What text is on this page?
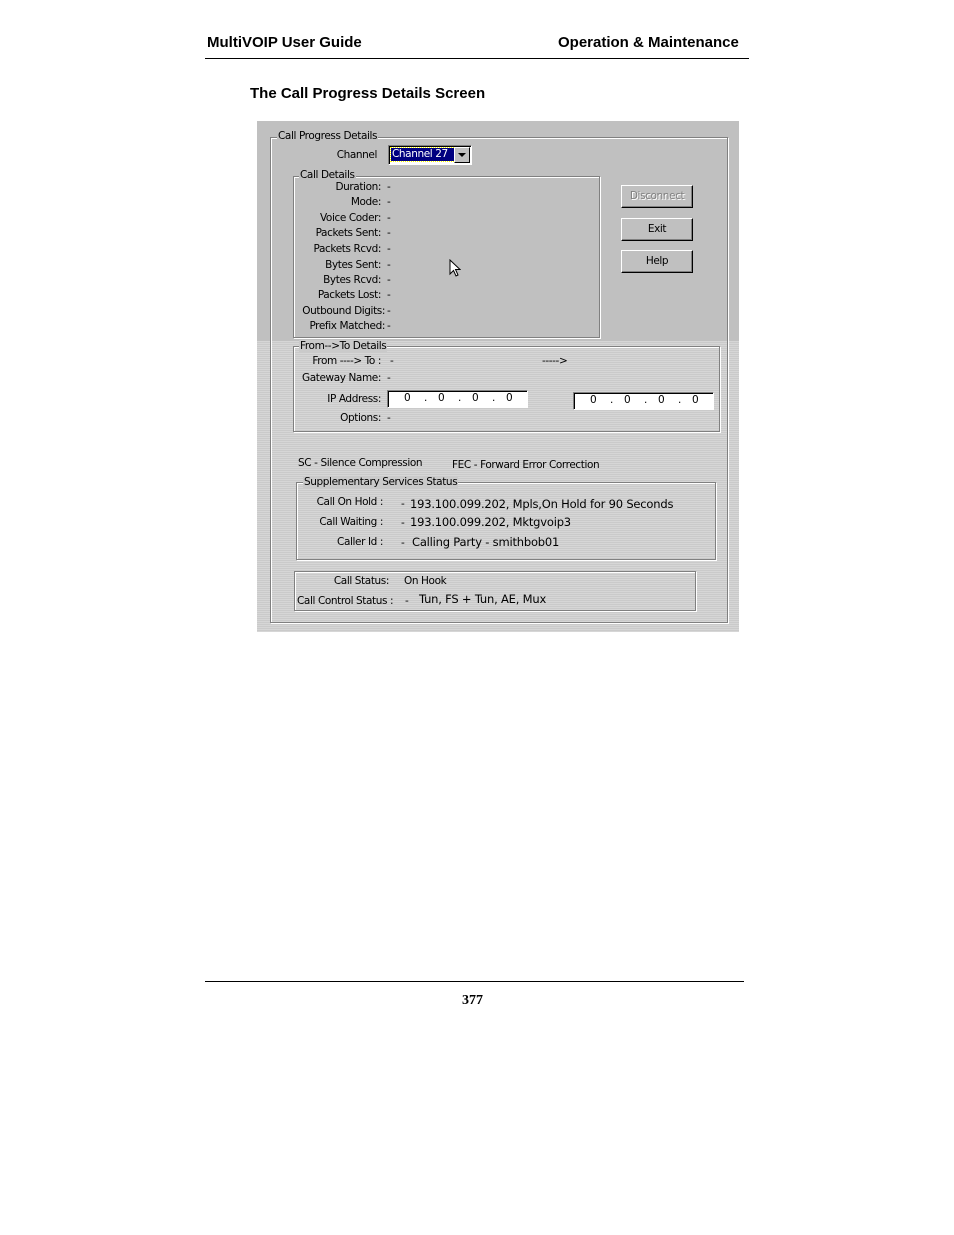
MultiVOIP User Guide	Operation & Maintenance
The Call Progress Details Screen
Call Progress Details
Channel Channel 27
Call Details
Duration: -
Mode: -
Voice Coder: -
Packets Sent: -
Packets Rcvd: -
Bytes Sent: -
Bytes Rcvd: -
Packets Lost: -
Outbound Digits: -
Prefix Matched: -
Disconnect
Exit
Help
From-->To Details
From ----> To : -	----->
Gateway Name: -
IP Address: 0 . 0 . 0 . 0	0 . 0 . 0 . 0
Options: -
SC - Silence Compression	FEC - Forward Error Correction
Supplementary Services Status
Call On Hold : - 193.100.099.202, Mpls,On Hold for 90 Seconds
Call Waiting : - 193.100.099.202, Mktgvoip3
Caller Id : - Calling Party - smithbob01
Call Status: On Hook
Call Control Status : - Tun, FS + Tun, AE, Mux
377
